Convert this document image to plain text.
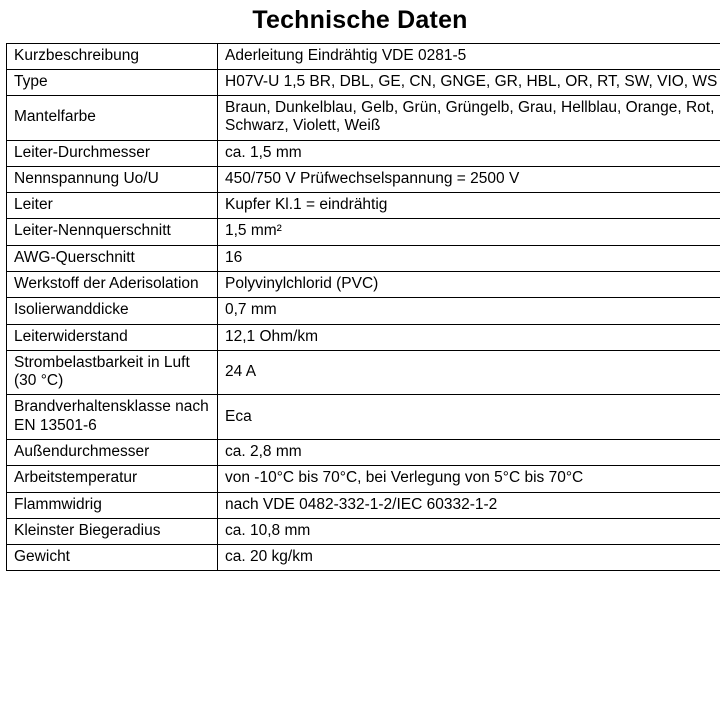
Technische Daten
Kurzbeschreibung	Aderleitung Eindrähtig VDE 0281-5
Type	H07V-U 1,5 BR, DBL, GE, CN, GNGE, GR, HBL, OR, RT, SW, VIO, WS
Mantelfarbe	Braun, Dunkelblau, Gelb, Grün, Grüngelb, Grau, Hellblau, Orange, Rot, Schwarz, Violett, Weiß
Leiter-Durchmesser	ca. 1,5 mm
Nennspannung Uo/U	450/750 V Prüfwechselspannung = 2500 V
Leiter	Kupfer Kl.1 = eindrähtig
Leiter-Nennquerschnitt	1,5 mm²
AWG-Querschnitt	16
Werkstoff der Aderisolation	Polyvinylchlorid (PVC)
Isolierwanddicke	0,7 mm
Leiterwiderstand	12,1 Ohm/km
Strombelastbarkeit in Luft (30 °C)	24 A
Brandverhaltensklasse nach EN 13501-6	Eca
Außendurchmesser	ca. 2,8 mm
Arbeitstemperatur	von -10°C bis 70°C, bei Verlegung von 5°C bis 70°C
Flammwidrig	nach VDE 0482-332-1-2/IEC 60332-1-2
Kleinster Biegeradius	ca. 10,8 mm
Gewicht	ca. 20 kg/km
